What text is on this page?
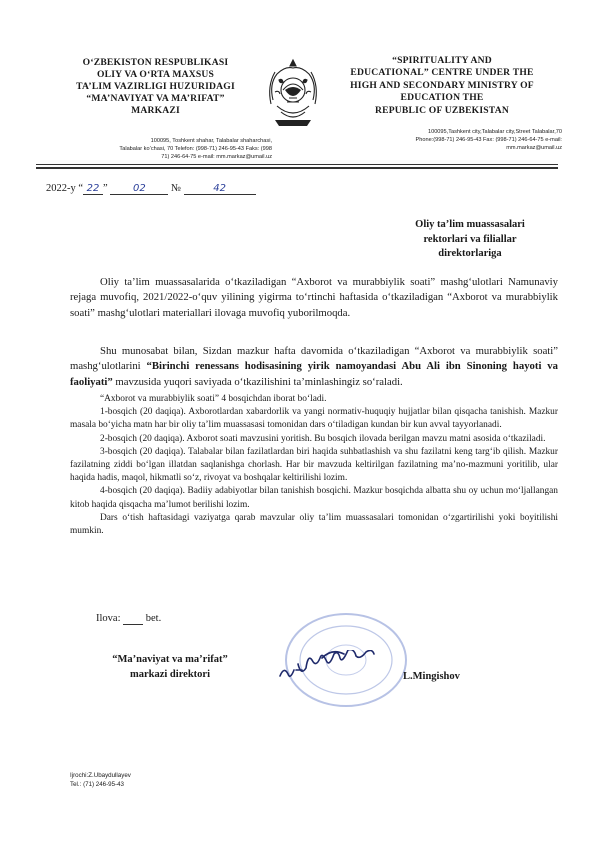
O‘ZBEKISTON RESPUBLIKASI
OLIY VA O‘RTA MAXSUS
TA’LIM VAZIRLIGI HUZURIDAGI
“MA’NAVIYAT VA MA’RIFAT”
MARKAZI
“SPIRITUALITY AND
EDUCATIONAL” CENTRE UNDER THE
HIGH AND SECONDARY MINISTRY OF
EDUCATION THE
REPUBLIC OF UZBEKISTAN
100095, Toshkent shahar, Talabalar shaharchasi,
Talabalar ko‘chasi, 70 Telefon: (998-71) 246-95-43 Faks: (998
71) 246-64-75 e-mail: mm.markaz@umail.uz
100095,Tashkent city,Talabalar city,Street Talabalar,70
Phone:(998-71) 246-95-43 Fax: (998-71) 246-64-75 e-mail:
mm.markaz@umail.uz
2022-y “ 22 ”	02 №	42
Oliy ta’lim muassasalari
rektorlari va filiallar
direktorlariga
Oliy ta’lim muassasalarida o‘tkaziladigan “Axborot va murabbiylik soati” mashg‘ulotlari Namunaviy rejaga muvofiq, 2021/2022-o‘quv yilining yigirma to‘rtinchi haftasida o‘tkaziladigan “Axborot va murabbiylik soati” mashg‘ulotlari materiallari ilovaga muvofiq yuborilmoqda.
Shu munosabat bilan, Sizdan mazkur hafta davomida o‘tkaziladigan “Axborot va murabbiylik soati” mashg‘ulotlarini “Birinchi renessans hodisasining yirik namoyandasi Abu Ali ibn Sinoning hayoti va faoliyati” mavzusida yuqori saviyada o‘tkazilishini ta’minlashingiz so‘raladi.
“Axborot va murabbiylik soati” 4 bosqichdan iborat bo‘ladi.
1-bosqich (20 daqiqa). Axborotlardan xabardorlik va yangi normativ-huquqiy hujjatlar bilan qisqacha tanishish. Mazkur masala bo‘yicha matn har bir oliy ta’lim muassasasi tomonidan dars o‘tiladigan kundan bir kun avval tayyorlanadi.
2-bosqich (20 daqiqa). Axborot soati mavzusini yoritish. Bu bosqich ilovada berilgan mavzu matni asosida o‘tkaziladi.
3-bosqich (20 daqiqa). Talabalar bilan fazilatlardan biri haqida suhbatlashish va shu fazilatni keng targ‘ib qilish. Mazkur fazilatning ziddi bo‘lgan illatdan saqlanishga chorlash. Har bir mavzuda keltirilgan fazilatning ma’no-mazmuni yoritilib, ular haqida hadis, maqol, hikmatli so‘z, rivoyat va boshqalar keltirilishi lozim.
4-bosqich (20 daqiqa). Badiiy adabiyotlar bilan tanishish bosqichi. Mazkur bosqichda albatta shu oy uchun mo‘ljallangan kitob haqida qisqacha ma’lumot berilishi lozim.
Dars o‘tish haftasidagi vaziyatga qarab mavzular oliy ta’lim muassasalari tomonidan o‘zgartirilishi yoki boyitilishi mumkin.
Ilova: bet.
“Ma’naviyat va ma’rifat”
markazi direktori	L.Mingishov
Ijrochi:Z.Ubaydullayev
Tel.: (71) 246-95-43
